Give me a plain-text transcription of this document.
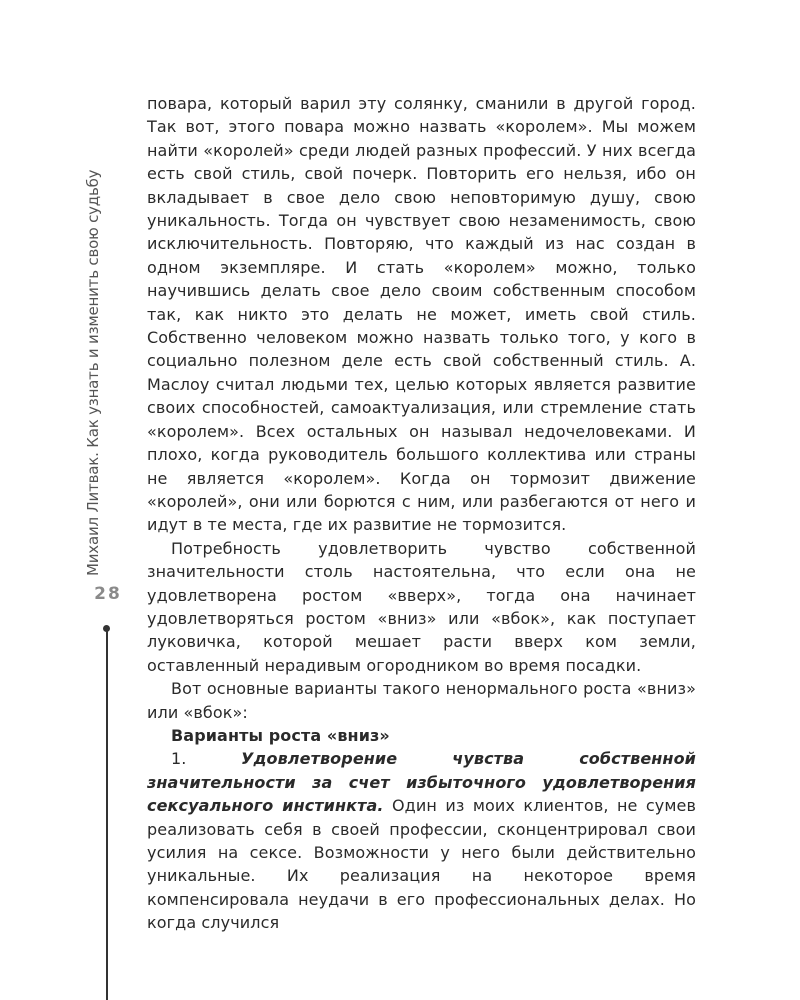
Михаил Литвак. Как узнать и изменить свою судьбу
28

повара, который варил эту солянку, сманили в другой город. Так вот, этого повара можно назвать «королем». Мы можем найти «королей» среди людей разных профессий. У них всегда есть свой стиль, свой почерк. Повторить его нельзя, ибо он вкладывает в свое дело свою неповторимую душу, свою уникальность. Тогда он чувствует свою незаменимость, свою исключительность. Повторяю, что каждый из нас создан в одном экземпляре. И стать «королем» можно, только научившись делать свое дело своим собственным способом так, как никто это делать не может, иметь свой стиль. Собственно человеком можно назвать только того, у кого в социально полезном деле есть свой собственный стиль. А. Маслоу считал людьми тех, целью которых является развитие своих способностей, самоактуализация, или стремление стать «королем». Всех остальных он называл недочеловеками. И плохо, когда руководитель большого коллектива или страны не является «королем». Когда он тормозит движение «королей», они или борются с ним, или разбегаются от него и идут в те места, где их развитие не тормозится.

Потребность удовлетворить чувство собственной значительности столь настоятельна, что если она не удовлетворена ростом «вверх», тогда она начинает удовлетворяться ростом «вниз» или «вбок», как поступает луковичка, которой мешает расти вверх ком земли, оставленный нерадивым огородником во время посадки.

Вот основные варианты такого ненормального роста «вниз» или «вбок»:

Варианты роста «вниз»

1. Удовлетворение чувства собственной значительности за счет избыточного удовлетворения сексуального инстинкта. Один из моих клиентов, не сумев реализовать себя в своей профессии, сконцентрировал свои усилия на сексе. Возможности у него были действительно уникальные. Их реализация на некоторое время компенсировала неудачи в его профессиональных делах. Но когда случился
